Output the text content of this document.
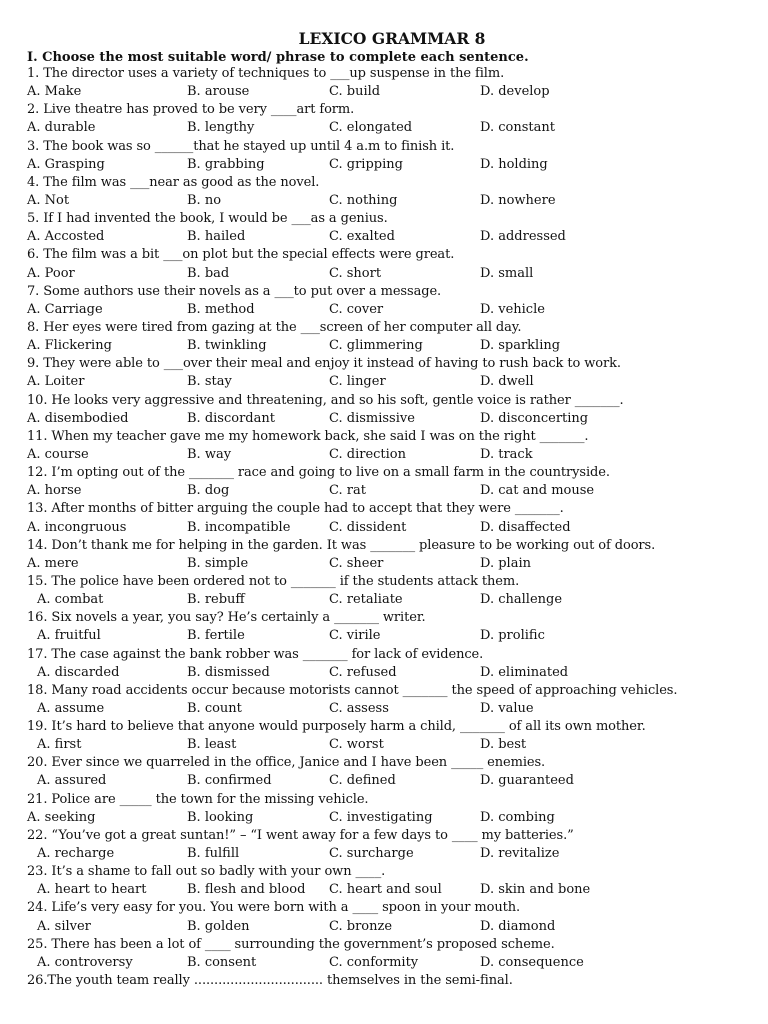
LEXICO GRAMMAR 8
I. Choose the most suitable word/ phrase to complete each sentence.
1. The director uses a variety of techniques to ___up suspense in the film.
A. Make	B. arouse	C. build	D. develop
2. Live theatre has proved to be very ____art form.
A. durable	B. lengthy	C. elongated	D. constant
3. The book was so ______that he stayed up until 4 a.m to finish it.
A. Grasping	B. grabbing	C. gripping	D. holding
4. The film was ___near as good as the novel.
A. Not	B. no	C. nothing	D. nowhere
5. If I had invented the book, I would be ___as a genius.
A. Accosted	B. hailed	C. exalted	D. addressed
6. The film was a bit ___on plot but the special effects were great.
A. Poor	B. bad	C. short	D. small
7. Some authors use their novels as a ___to put over a message.
A. Carriage	B. method	C. cover	D. vehicle
8. Her eyes were tired from gazing at the ___screen of her computer all day.
A. Flickering	B. twinkling	C. glimmering	D. sparkling
9. They were able to ___over their meal and enjoy it instead of having to rush back to work.
A. Loiter	B. stay	C. linger	D. dwell
10. He looks very aggressive and threatening, and so his soft, gentle voice is rather _______.
A. disembodied	B. discordant	C. dismissive	D. disconcerting
11. When my teacher gave me my homework back, she said I was on the right _______.
A. course	B. way	C. direction	D. track
12. I’m opting out of the _______ race and going to live on a small farm in the countryside.
A. horse	B. dog	C. rat	D. cat and mouse
13. After months of bitter arguing the couple had to accept that they were _______.
A. incongruous	B. incompatible	C. dissident	D. disaffected
14. Don’t thank me for helping in the garden. It was _______ pleasure to be working out of doors.
A. mere	B. simple	C. sheer	D. plain
15. The police have been ordered not to _______ if the students attack them.
A. combat	B. rebuff	C. retaliate	D. challenge
16. Six novels a year, you say? He’s certainly a _______ writer.
A. fruitful	B. fertile	C. virile	D. prolific
17. The case against the bank robber was _______ for lack of evidence.
A. discarded	B. dismissed	C. refused	D. eliminated
18. Many road accidents occur because motorists cannot _______ the speed of approaching vehicles.
A. assume	B. count	C. assess	D. value
19. It’s hard to believe that anyone would purposely harm a child, _______ of all its own mother.
A. first	B. least	C. worst	D. best
20. Ever since we quarreled in the office, Janice and I have been _____ enemies.
A. assured	B. confirmed	C. defined	D. guaranteed
21. Police are _____ the town for the missing vehicle.
A. seeking	B. looking	C. investigating	D. combing
22. “You’ve got a great suntan!” – “I went away for a few days to ____ my batteries.”
A. recharge	B. fulfill	C. surcharge	D. revitalize
23. It’s a shame to fall out so badly with your own ____.
A. heart to heart	B. flesh and blood C. heart and soul	D. skin and bone
24. Life’s very easy for you. You were born with a ____ spoon in your mouth.
A. silver	B. golden	C. bronze	D. diamond
25. There has been a lot of ____ surrounding the government’s proposed scheme.
A. controversy	B. consent	C. conformity	D. consequence
26.The youth team really ................................ themselves in the semi-final.
